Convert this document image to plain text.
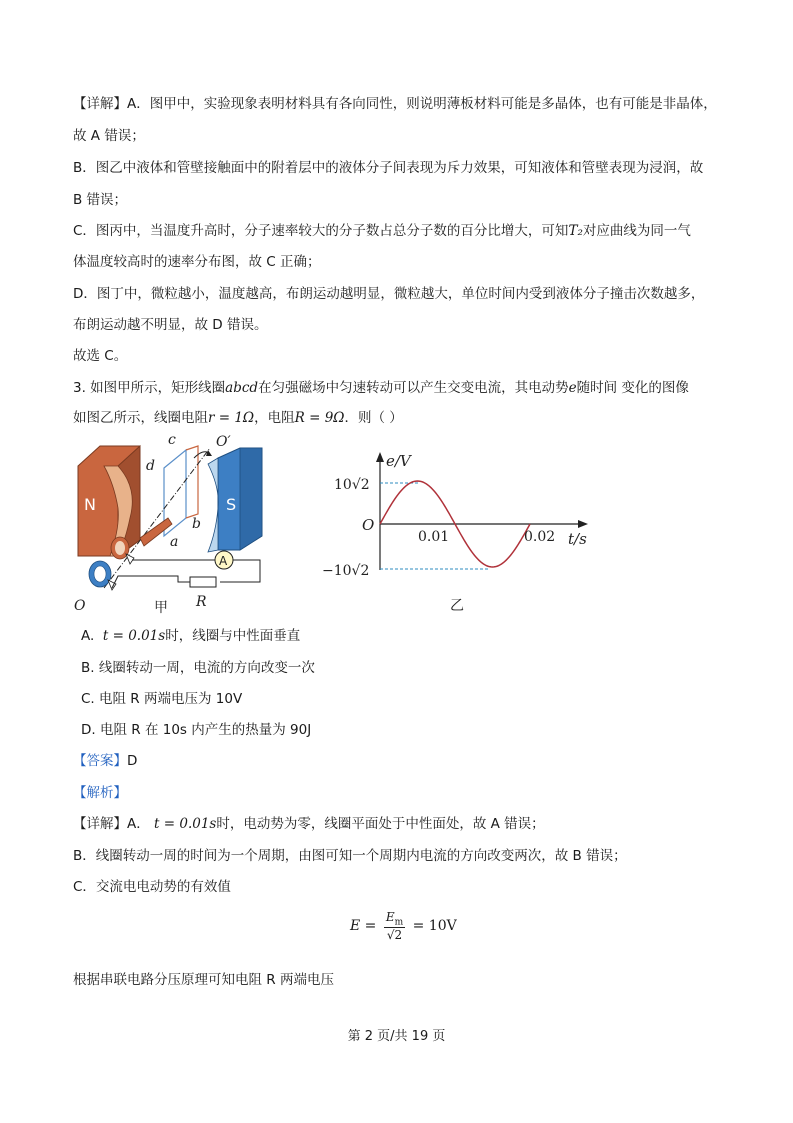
【详解】A．图甲中，实验现象表明材料具有各向同性，则说明薄板材料可能是多晶体，也有可能是非晶体，
故 A 错误；
B．图乙中液体和管壁接触面中的附着层中的液体分子间表现为斥力效果，可知液体和管壁表现为浸润，故
B 错误；
C．图丙中，当温度升高时，分子速率较大的分子数占总分子数的百分比增大，可知T₂对应曲线为同一气
体温度较高时的速率分布图，故 C 正确；
D．图丁中，微粒越小，温度越高，布朗运动越明显，微粒越大，单位时间内受到液体分子撞击次数越多，
布朗运动越不明显，故 D 错误。
故选 C。
3. 如图甲所示，矩形线圈abcd在匀强磁场中匀速转动可以产生交变电流，其电动势e随时间 变化的图像
如图乙所示，线圈电阻r = 1Ω，电阻R = 9Ω．则（ ）
N	S
A
c
d
b
a
O′
O	R
甲
e/V
10√2
−10√2
O
0.01	0.02 t/s
乙
A. t = 0.01s时，线圈与中性面垂直
B. 线圈转动一周，电流的方向改变一次
C. 电阻 R 两端电压为 10V
D. 电阻 R 在 10s 内产生的热量为 90J
【答案】D
【解析】
【详解】A． t = 0.01s时，电动势为零，线圈平面处于中性面处，故 A 错误；
B．线圈转动一周的时间为一个周期，由图可知一个周期内电流的方向改变两次，故 B 错误；
C．交流电电动势的有效值
$E = \frac{E_m}{√2} = 10V$
根据串联电路分压原理可知电阻 R 两端电压
第 2 页/共 19 页
